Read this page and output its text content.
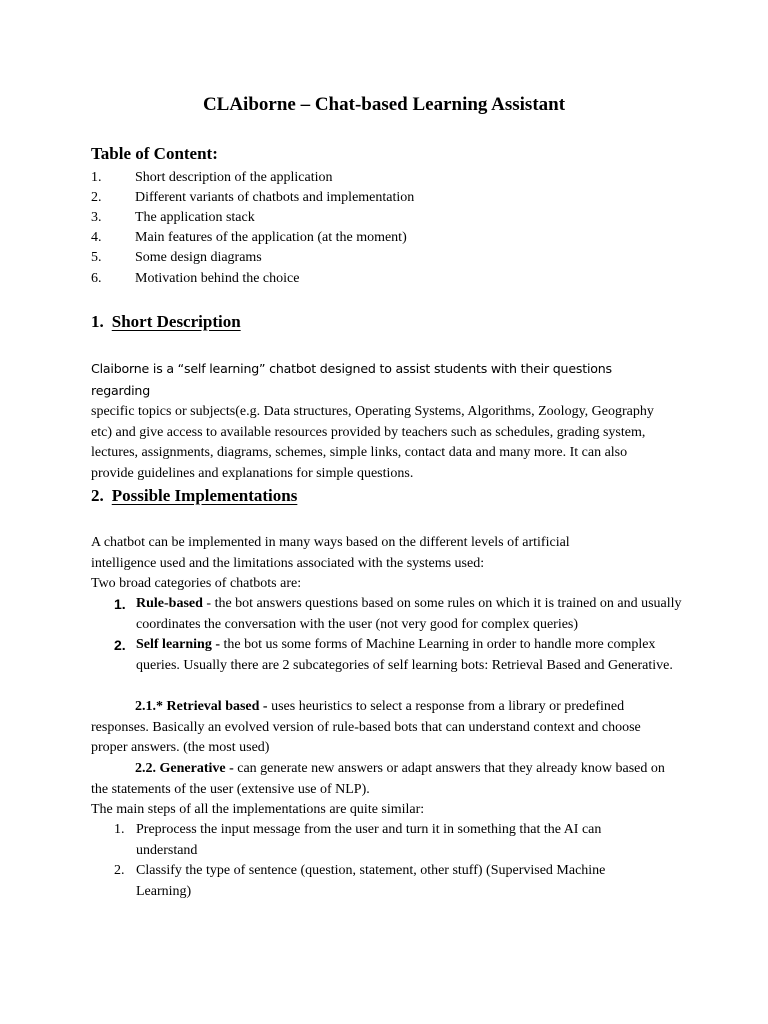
CLAiborne – Chat-based Learning Assistant
Table of Content:
1. Short description of the application
2. Different variants of chatbots and implementation
3. The application stack
4. Main features of the application (at the moment)
5. Some design diagrams
6. Motivation behind the choice
1. Short Description
Claiborne is a “self learning” chatbot designed to assist students with their questions regarding
specific topics or subjects(e.g. Data structures, Operating Systems, Algorithms, Zoology, Geography etc) and give access to available resources provided by teachers such as schedules, grading system, lectures, assignments, diagrams, schemes, simple links, contact data and many more. It can also provide guidelines and explanations for simple questions.
2. Possible Implementations
A chatbot can be implemented in many ways based on the different levels of artificial intelligence used and the limitations associated with the systems used:
Two broad categories of chatbots are:
1. Rule-based - the bot answers questions based on some rules on which it is trained on and usually coordinates the conversation with the user (not very good for complex queries)
2. Self learning - the bot us some forms of Machine Learning in order to handle more complex queries. Usually there are 2 subcategories of self learning bots: Retrieval Based and Generative.
2.1.* Retrieval based - uses heuristics to select a response from a library or predefined responses. Basically an evolved version of rule-based bots that can understand context and choose proper answers. (the most used)
2.2. Generative - can generate new answers or adapt answers that they already know based on the statements of the user (extensive use of NLP).
The main steps of all the implementations are quite similar:
1. Preprocess the input message from the user and turn it in something that the AI can understand
2. Classify the type of sentence (question, statement, other stuff) (Supervised Machine Learning)
